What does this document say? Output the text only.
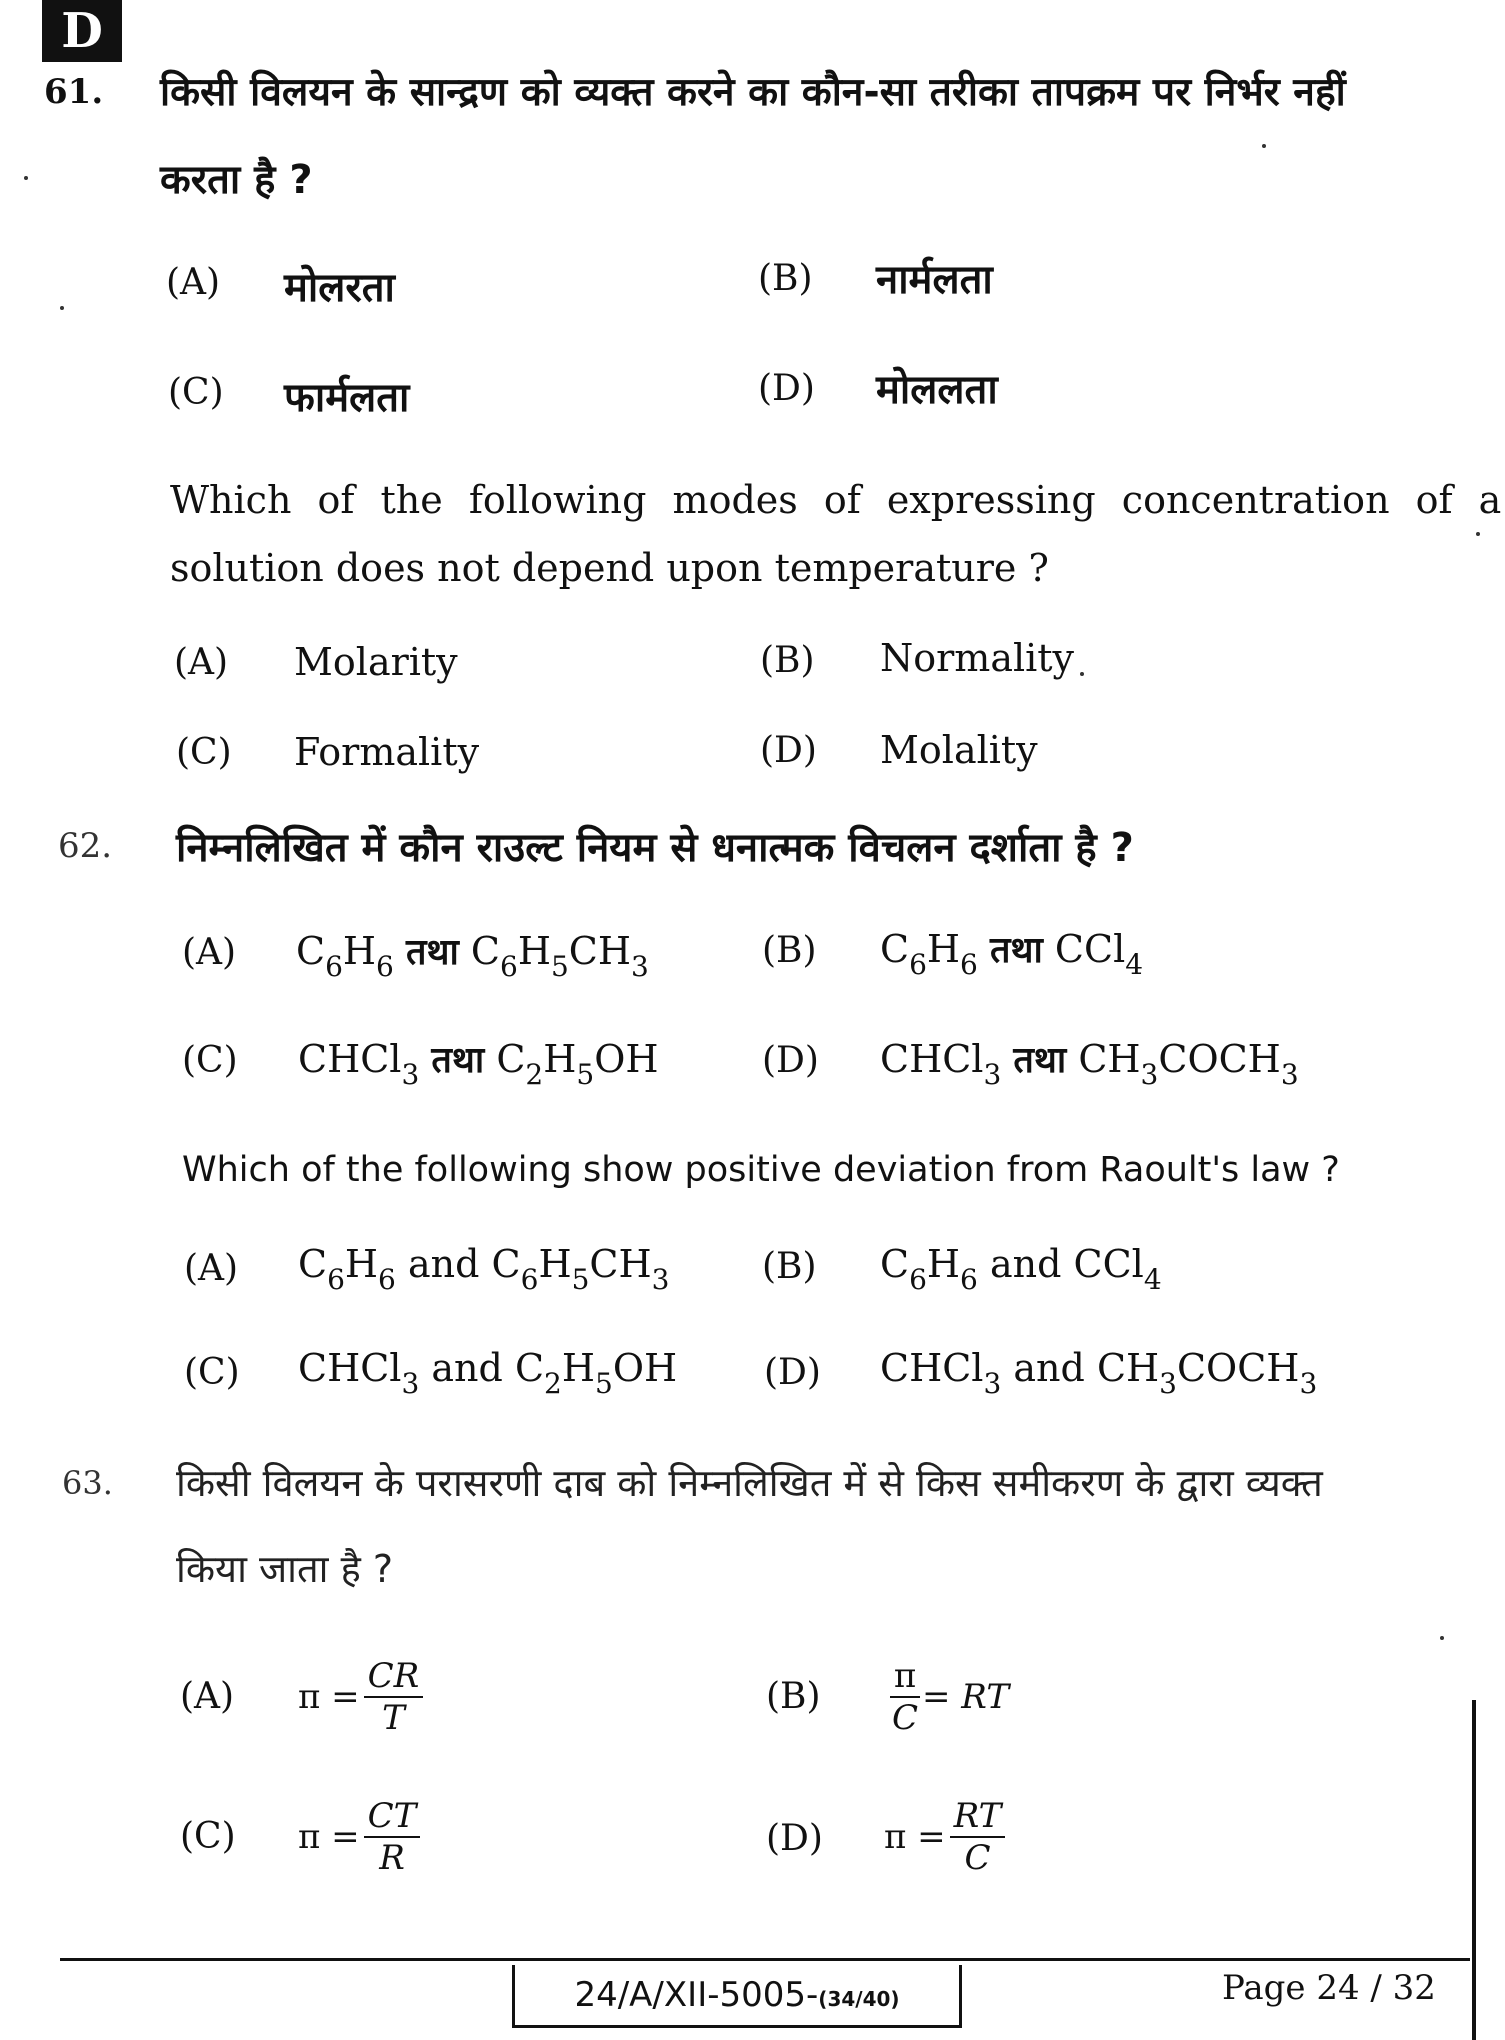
D
61. किसी विलयन के सान्द्रण को व्यक्त करने का कौन-सा तरीका तापक्रम पर निर्भर नहीं
करता है ?
(A) मोलरता	(B) नार्मलता
(C) फार्मलता	(D) मोललता
Which of the following modes of expressing concentration of a
solution does not depend upon temperature ?
(A) Molarity	(B) Normality
(C) Formality	(D) Molality
62. निम्नलिखित में कौन राउल्ट नियम से धनात्मक विचलन दर्शाता है ?
(A) $C_6H_6$ तथा $C_6H_5CH_3$	(B) $C_6H_6$ तथा CCl$_4$
(C) CHCl$_3$ तथा $C_2H_5OH$	(D) CHCl$_3$ तथा $CH_3COCH_3$
Which of the following show positive deviation from Raoult's law ?
(A) $C_6H_6$ and $C_6H_5CH_3$	(B) $C_6H_6$ and CCl$_4$
(C) CHCl$_3$ and $C_2H_5OH$ (D) CHCl$_3$ and $CH_3COCH_3$
63. किसी विलयन के परासरणी दाब को निम्नलिखित में से किस समीकरण के द्वारा व्यक्त
किया जाता है ?
(A) $\pi = \frac{CR}{T}$	$(B) \frac{\pi}{C}$ = RT
(C) $\pi = \frac{CT}{R}$	(D) $\pi = \frac{RT}{C}$
24/A/XII-5005-(34/40)	Page 24 / 32
